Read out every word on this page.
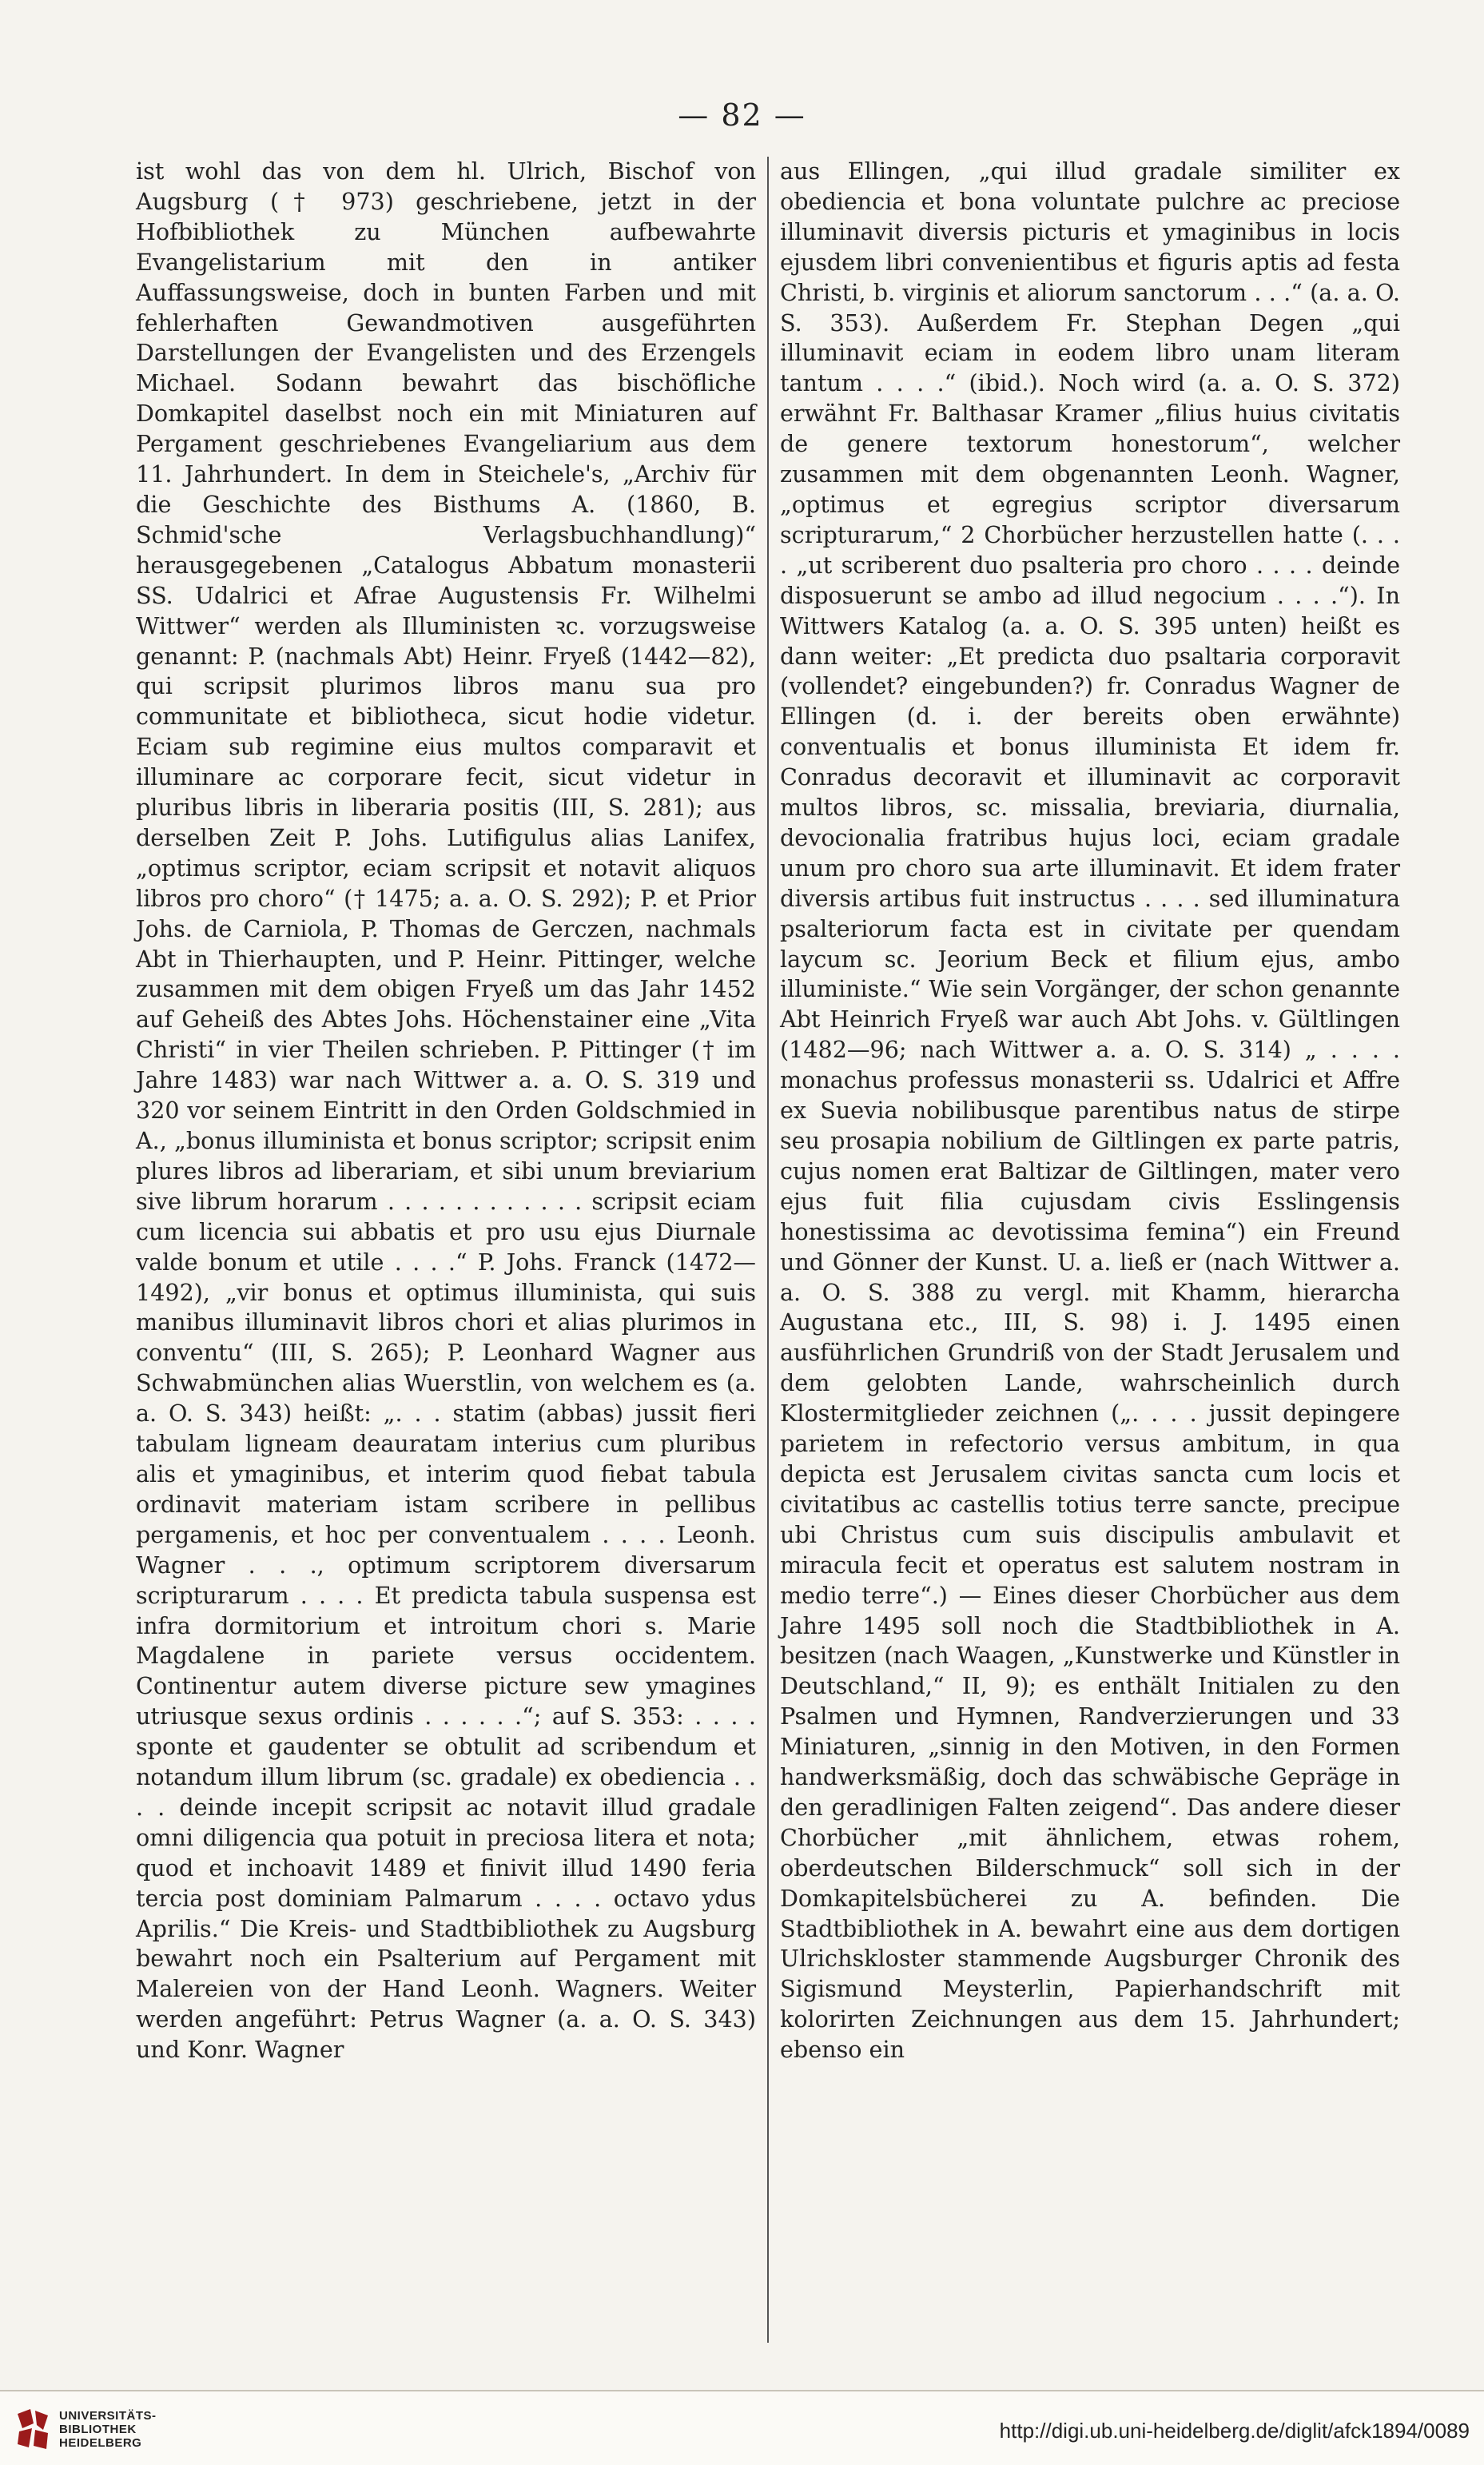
— 82 —

ist wohl das von dem hl. Ulrich, Bischof von Augsburg († 973) geschriebene, jetzt in der Hofbibliothek zu München aufbewahrte Evangelistarium mit den in antiker Auffassungsweise, doch in bunten Farben und mit fehlerhaften Gewandmotiven ausgeführten Darstellungen der Evangelisten und des Erzengels Michael. Sodann bewahrt das bischöfliche Domkapitel daselbst noch ein mit Miniaturen auf Pergament geschriebenes Evangeliarium aus dem 11. Jahrhundert. In dem in Steichele's, „Archiv für die Geschichte des Bisthums A. (1860, B. Schmid'sche Verlagsbuchhandlung)“ herausgegebenen „Catalogus Abbatum monasterii SS. Udalrici et Afrae Augustensis Fr. Wilhelmi Wittwer“ werden als Illuministen ꝛc. vorzugsweise genannt: P. (nachmals Abt) Heinr. Fryeß (1442—82), qui scripsit plurimos libros manu sua pro communitate et bibliotheca, sicut hodie videtur. Eciam sub regimine eius multos comparavit et illuminare ac corporare fecit, sicut videtur in pluribus libris in liberaria positis (III, S. 281); aus derselben Zeit P. Johs. Lutifigulus alias Lanifex, „optimus scriptor, eciam scripsit et notavit aliquos libros pro choro“ († 1475; a. a. O. S. 292); P. et Prior Johs. de Carniola, P. Thomas de Gerczen, nachmals Abt in Thierhaupten, und P. Heinr. Pittinger, welche zusammen mit dem obigen Fryeß um das Jahr 1452 auf Geheiß des Abtes Johs. Höchenstainer eine „Vita Christi“ in vier Theilen schrieben. P. Pittinger († im Jahre 1483) war nach Wittwer a. a. O. S. 319 und 320 vor seinem Eintritt in den Orden Goldschmied in A., „bonus illuminista et bonus scriptor; scripsit enim plures libros ad liberariam, et sibi unum breviarium sive librum horarum . . . . . . . . . . . . scripsit eciam cum licencia sui abbatis et pro usu ejus Diurnale valde bonum et utile . . . .“ P. Johs. Franck (1472—1492), „vir bonus et optimus illuminista, qui suis manibus illuminavit libros chori et alias plurimos in conventu“ (III, S. 265); P. Leonhard Wagner aus Schwabmünchen alias Wuerstlin, von welchem es (a. a. O. S. 343) heißt: „. . . statim (abbas) jussit fieri tabulam ligneam deauratam interius cum pluribus alis et ymaginibus, et interim quod fiebat tabula ordinavit materiam istam scribere in pellibus pergamenis, et hoc per conventualem . . . . Leonh. Wagner . . ., optimum scriptorem diversarum scripturarum . . . . Et predicta tabula suspensa est infra dormitorium et introitum chori s. Marie Magdalene in pariete versus occidentem. Continentur autem diverse picture sew ymagines utriusque sexus ordinis . . . . . .“; auf S. 353: . . . . sponte et gaudenter se obtulit ad scribendum et notandum illum librum (sc. gradale) ex obediencia . . . . deinde incepit scripsit ac notavit illud gradale omni diligencia qua potuit in preciosa litera et nota; quod et inchoavit 1489 et finivit illud 1490 feria tercia post dominiam Palmarum . . . . octavo ydus Aprilis.“ Die Kreis- und Stadtbibliothek zu Augsburg bewahrt noch ein Psalterium auf Pergament mit Malereien von der Hand Leonh. Wagners. Weiter werden angeführt: Petrus Wagner (a. a. O. S. 343) und Konr. Wagner

aus Ellingen, „qui illud gradale similiter ex obediencia et bona voluntate pulchre ac preciose illuminavit diversis picturis et ymaginibus in locis ejusdem libri convenientibus et figuris aptis ad festa Christi, b. virginis et aliorum sanctorum . . .“ (a. a. O. S. 353). Außerdem Fr. Stephan Degen „qui illuminavit eciam in eodem libro unam literam tantum . . . .“ (ibid.). Noch wird (a. a. O. S. 372) erwähnt Fr. Balthasar Kramer „filius huius civitatis de genere textorum honestorum“, welcher zusammen mit dem obgenannten Leonh. Wagner, „optimus et egregius scriptor diversarum scripturarum,“ 2 Chorbücher herzustellen hatte (. . . . „ut scriberent duo psalteria pro choro . . . . deinde disposuerunt se ambo ad illud negocium . . . .“). In Wittwers Katalog (a. a. O. S. 395 unten) heißt es dann weiter: „Et predicta duo psaltaria corporavit (vollendet? eingebunden?) fr. Conradus Wagner de Ellingen (d. i. der bereits oben erwähnte) conventualis et bonus illuminista Et idem fr. Conradus decoravit et illuminavit ac corporavit multos libros, sc. missalia, breviaria, diurnalia, devocionalia fratribus hujus loci, eciam gradale unum pro choro sua arte illuminavit. Et idem frater diversis artibus fuit instructus . . . . sed illuminatura psalteriorum facta est in civitate per quendam laycum sc. Jeorium Beck et filium ejus, ambo illuministe.“ Wie sein Vorgänger, der schon genannte Abt Heinrich Fryeß war auch Abt Johs. v. Gültlingen (1482—96; nach Wittwer a. a. O. S. 314) „ . . . . monachus professus monasterii ss. Udalrici et Affre ex Suevia nobilibusque parentibus natus de stirpe seu prosapia nobilium de Giltlingen ex parte patris, cujus nomen erat Baltizar de Giltlingen, mater vero ejus fuit filia cujusdam civis Esslingensis honestissima ac devotissima femina“) ein Freund und Gönner der Kunst. U. a. ließ er (nach Wittwer a. a. O. S. 388 zu vergl. mit Khamm, hierarcha Augustana etc., III, S. 98) i. J. 1495 einen ausführlichen Grundriß von der Stadt Jerusalem und dem gelobten Lande, wahrscheinlich durch Klostermitglieder zeichnen („. . . . jussit depingere parietem in refectorio versus ambitum, in qua depicta est Jerusalem civitas sancta cum locis et civitatibus ac castellis totius terre sancte, precipue ubi Christus cum suis discipulis ambulavit et miracula fecit et operatus est salutem nostram in medio terre“.) — Eines dieser Chorbücher aus dem Jahre 1495 soll noch die Stadtbibliothek in A. besitzen (nach Waagen, „Kunstwerke und Künstler in Deutschland,“ II, 9); es enthält Initialen zu den Psalmen und Hymnen, Randverzierungen und 33 Miniaturen, „sinnig in den Motiven, in den Formen handwerksmäßig, doch das schwäbische Gepräge in den geradlinigen Falten zeigend“. Das andere dieser Chorbücher „mit ähnlichem, etwas rohem, oberdeutschen Bilderschmuck“ soll sich in der Domkapitelsbücherei zu A. befinden. Die Stadtbibliothek in A. bewahrt eine aus dem dortigen Ulrichskloster stammende Augsburger Chronik des Sigismund Meysterlin, Papierhandschrift mit kolorirten Zeichnungen aus dem 15. Jahrhundert; ebenso ein

UNIVERSITÄTS-
BIBLIOTHEK
HEIDELBERG	http://digi.ub.uni-heidelberg.de/diglit/afck1894/0089
